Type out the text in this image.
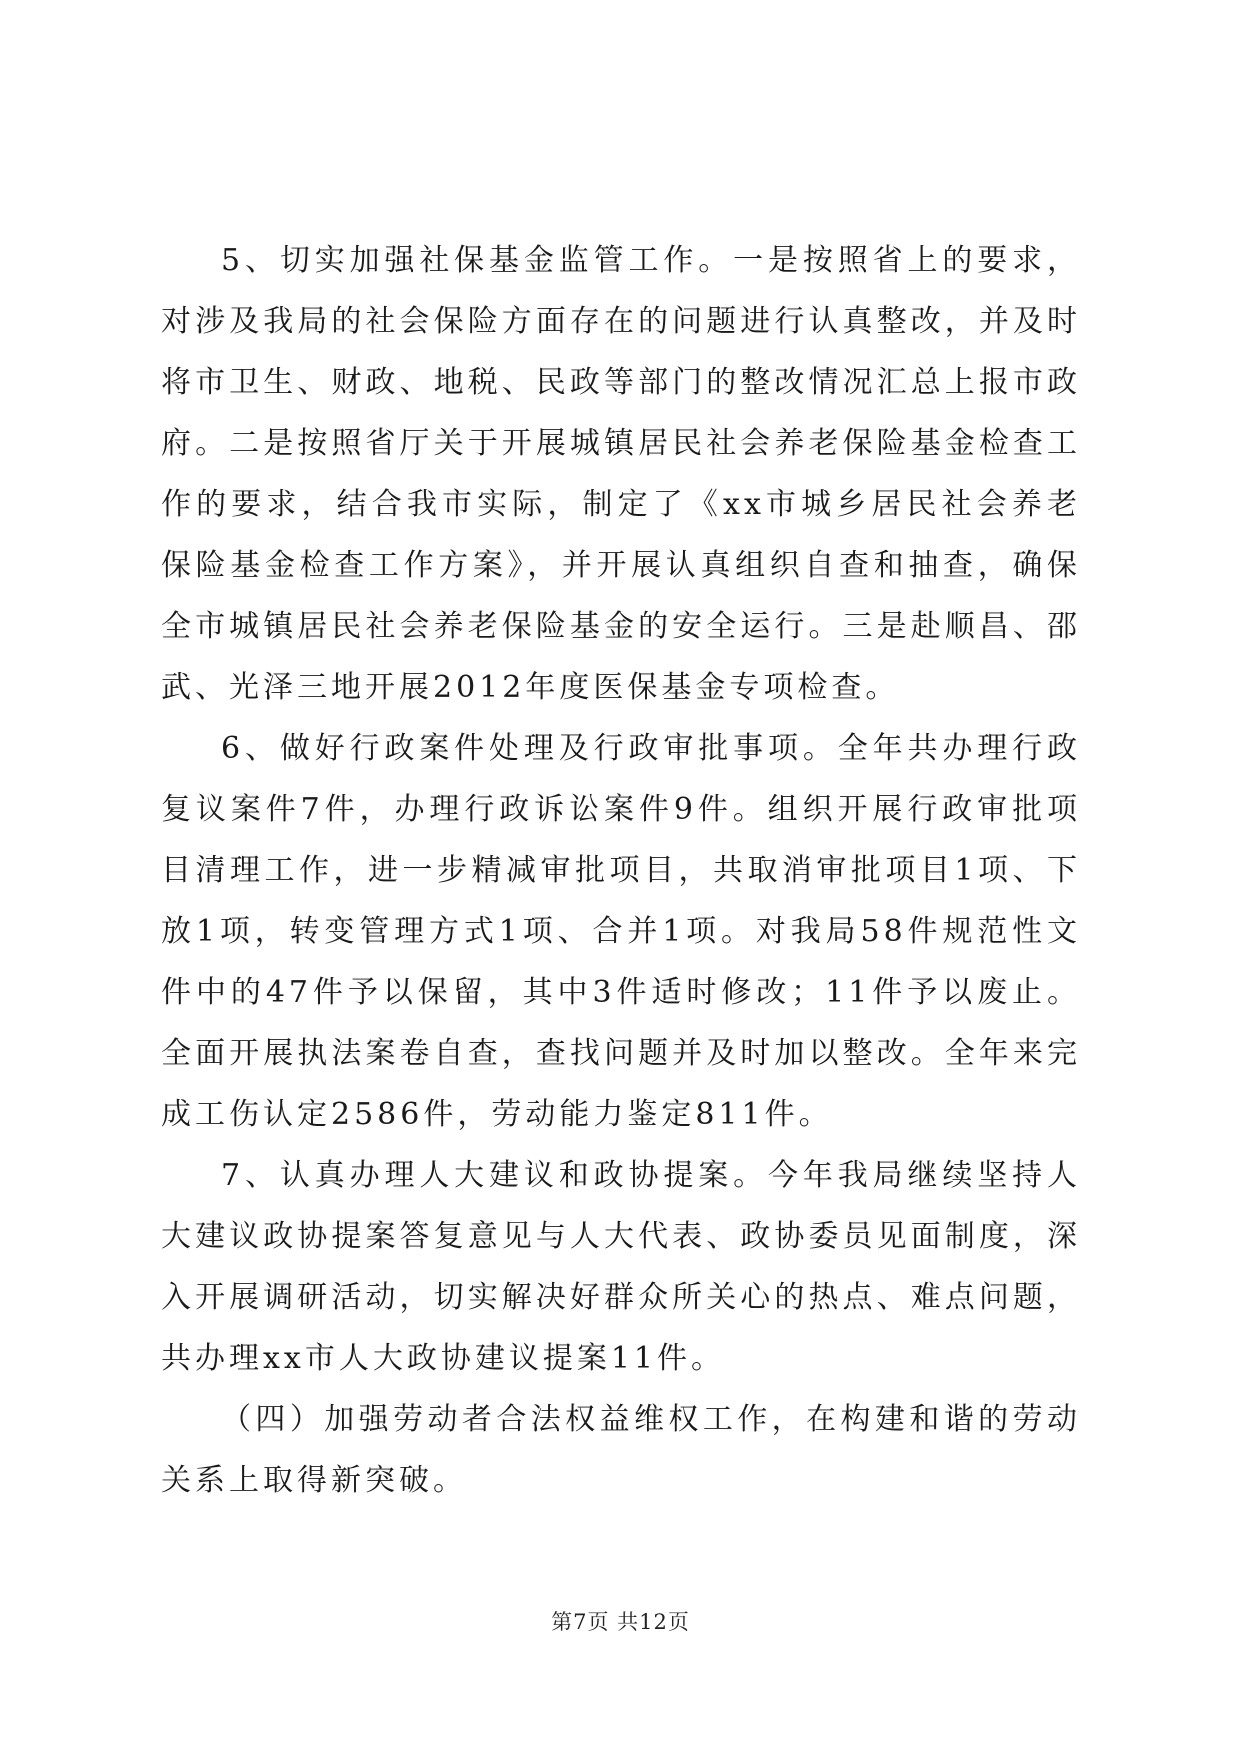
5、切实加强社保基金监管工作。一是按照省上的要求，对涉及我局的社会保险方面存在的问题进行认真整改，并及时将市卫生、财政、地税、民政等部门的整改情况汇总上报市政府。二是按照省厅关于开展城镇居民社会养老保险基金检查工作的要求，结合我市实际，制定了《xx市城乡居民社会养老保险基金检查工作方案》，并开展认真组织自查和抽查，确保全市城镇居民社会养老保险基金的安全运行。三是赴顺昌、邵武、光泽三地开展2012年度医保基金专项检查。

6、做好行政案件处理及行政审批事项。全年共办理行政复议案件7件，办理行政诉讼案件9件。组织开展行政审批项目清理工作，进一步精减审批项目，共取消审批项目1项、下放1项，转变管理方式1项、合并1项。对我局58件规范性文件中的47件予以保留，其中3件适时修改；11件予以废止。全面开展执法案卷自查，查找问题并及时加以整改。全年来完成工伤认定2586件，劳动能力鉴定811件。

7、认真办理人大建议和政协提案。今年我局继续坚持人大建议政协提案答复意见与人大代表、政协委员见面制度，深入开展调研活动，切实解决好群众所关心的热点、难点问题，共办理xx市人大政协建议提案11件。

（四）加强劳动者合法权益维权工作，在构建和谐的劳动关系上取得新突破。

第7页 共12页
